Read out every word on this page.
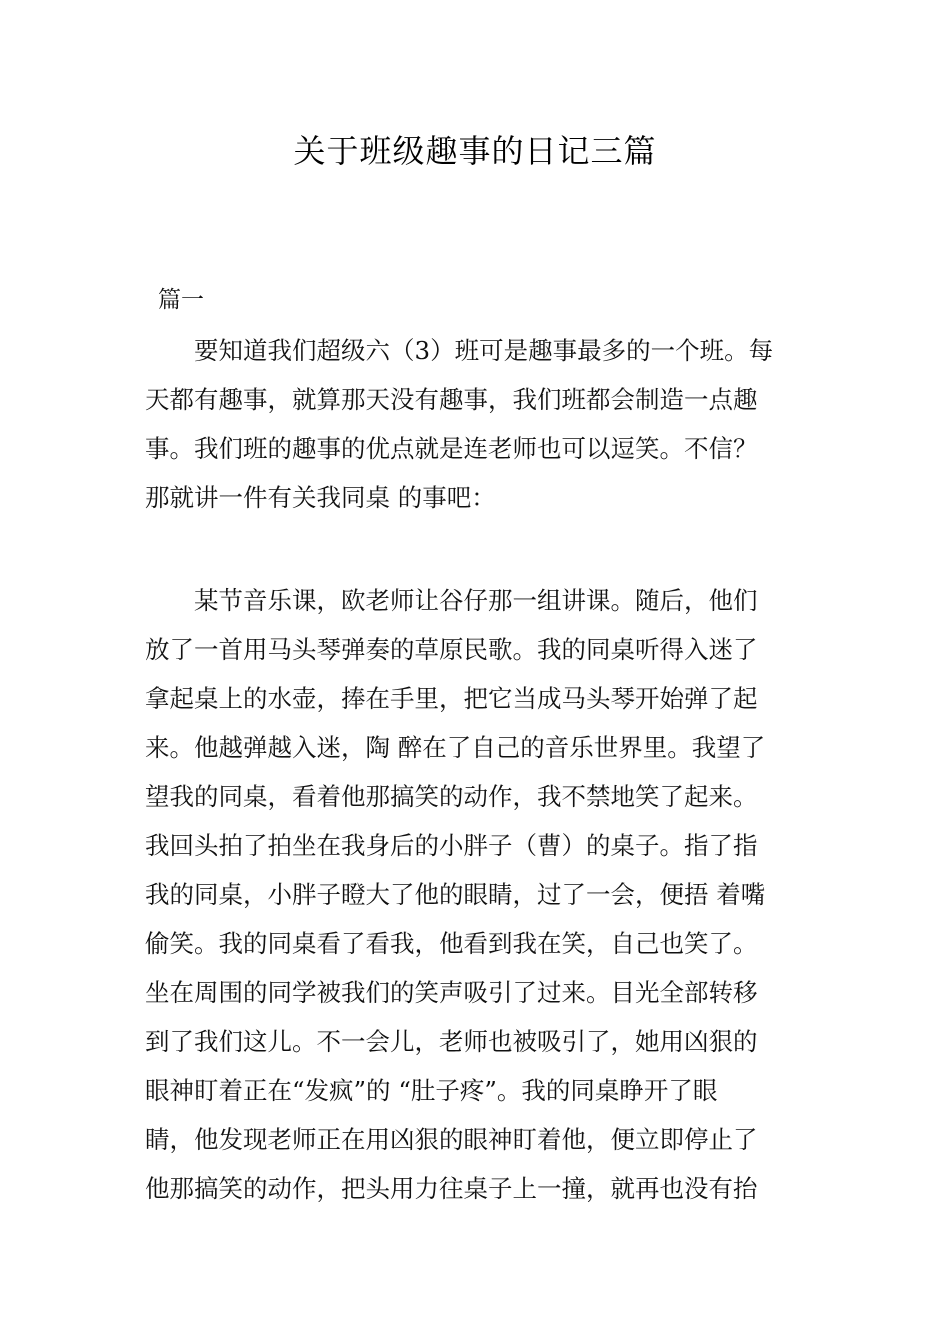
关于班级趣事的日记三篇
篇一
　　要知道我们超级六（3）班可是趣事最多的一个班。每
天都有趣事，就算那天没有趣事，我们班都会制造一点趣
事。我们班的趣事的优点就是连老师也可以逗笑。不信？
那就讲一件有关我同桌 的事吧：
　　某节音乐课，欧老师让谷仔那一组讲课。随后，他们
放了一首用马头琴弹奏的草原民歌。我的同桌听得入迷了
拿起桌上的水壶，捧在手里，把它当成马头琴开始弹了起
来。他越弹越入迷，陶 醉在了自己的音乐世界里。我望了
望我的同桌，看着他那搞笑的动作，我不禁地笑了起来。
我回头拍了拍坐在我身后的小胖子（曹）的桌子。指了指
我的同桌，小胖子瞪大了他的眼睛，过了一会，便捂 着嘴
偷笑。我的同桌看了看我，他看到我在笑，自己也笑了。
坐在周围的同学被我们的笑声吸引了过来。目光全部转移
到了我们这儿。不一会儿，老师也被吸引了，她用凶狠的
眼神盯着正在“发疯”的 “肚子疼”。我的同桌睁开了眼
睛，他发现老师正在用凶狠的眼神盯着他，便立即停止了
他那搞笑的动作，把头用力往桌子上一撞，就再也没有抬
